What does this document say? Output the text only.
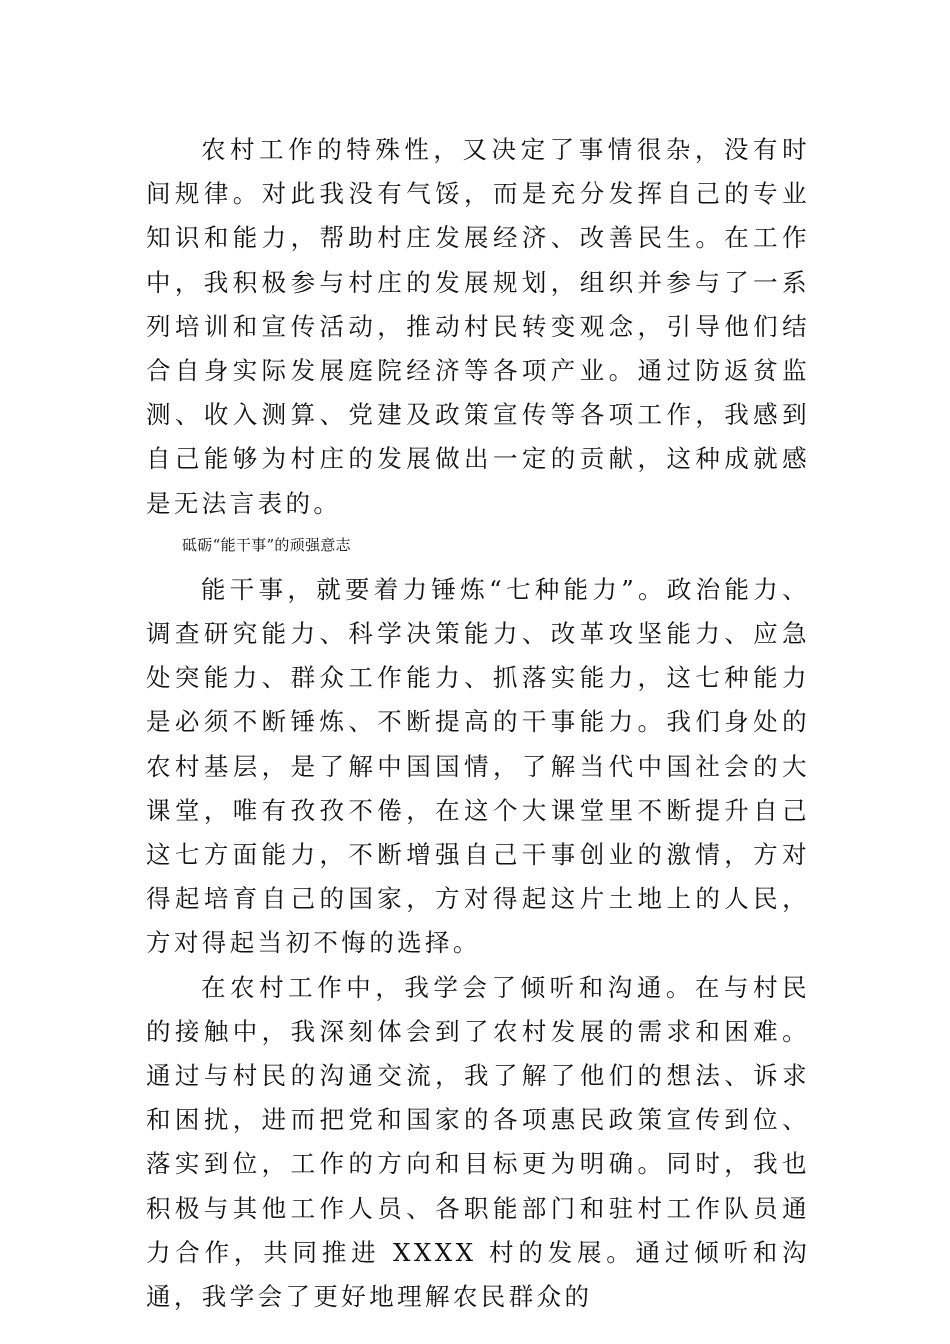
农村工作的特殊性，又决定了事情很杂，没有时间规律。对此我没有气馁，而是充分发挥自己的专业知识和能力，帮助村庄发展经济、改善民生。在工作中，我积极参与村庄的发展规划，组织并参与了一系列培训和宣传活动，推动村民转变观念，引导他们结合自身实际发展庭院经济等各项产业。通过防返贫监测、收入测算、党建及政策宣传等各项工作，我感到自己能够为村庄的发展做出一定的贡献，这种成就感是无法言表的。

砥砺“能干事”的顽强意志

能干事，就要着力锤炼“七种能力”。政治能力、调查研究能力、科学决策能力、改革攻坚能力、应急处突能力、群众工作能力、抓落实能力，这七种能力是必须不断锤炼、不断提高的干事能力。我们身处的农村基层，是了解中国国情，了解当代中国社会的大课堂，唯有孜孜不倦，在这个大课堂里不断提升自己这七方面能力，不断增强自己干事创业的激情，方对得起培育自己的国家，方对得起这片土地上的人民，方对得起当初不悔的选择。

在农村工作中，我学会了倾听和沟通。在与村民的接触中，我深刻体会到了农村发展的需求和困难。通过与村民的沟通交流，我了解了他们的想法、诉求和困扰，进而把党和国家的各项惠民政策宣传到位、落实到位，工作的方向和目标更为明确。同时，我也积极与其他工作人员、各职能部门和驻村工作队员通力合作，共同推进 XXXX 村的发展。通过倾听和沟通，我学会了更好地理解农民群众的
